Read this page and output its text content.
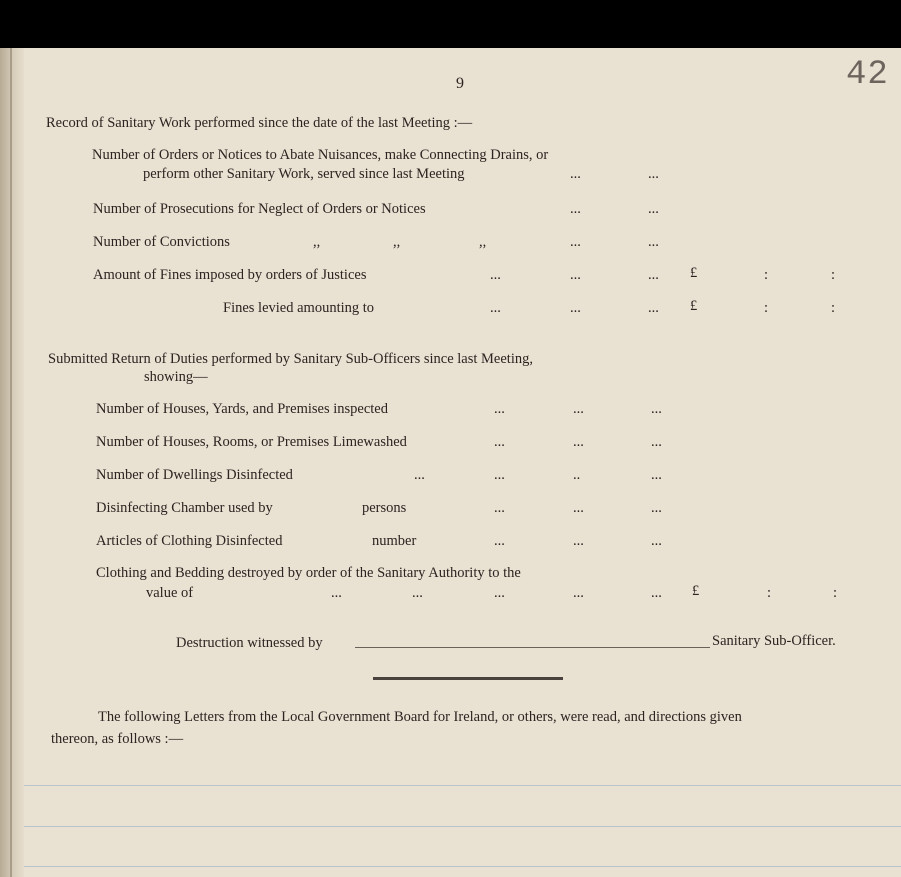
9	42
Record of Sanitary Work performed since the date of the last Meeting :—
Number of Orders or Notices to Abate Nuisances, make Connecting Drains, or
perform other Sanitary Work, served since last Meeting	...	...
Number of Prosecutions for Neglect of Orders or Notices	...	...
Number of Convictions	,,	,,	,,	...	...
Amount of Fines imposed by orders of Justices	...	...	... £	:	:
Fines levied amounting to	...	...	... £	:	:
Submitted Return of Duties performed by Sanitary Sub-Officers since last Meeting,
showing—
Number of Houses, Yards, and Premises inspected	...	...	...
Number of Houses, Rooms, or Premises Limewashed	...	...	...
Number of Dwellings Disinfected	...	...	..	...
Disinfecting Chamber used by	persons	...	...	...
Articles of Clothing Disinfected	number	...	...	...
Clothing and Bedding destroyed by order of the Sanitary Authority to the
value of	...	...	...	...	... £	:	:
Destruction witnessed by	Sanitary Sub-Officer.
The following Letters from the Local Government Board for Ireland, or others, were read, and directions given
thereon, as follows :—
